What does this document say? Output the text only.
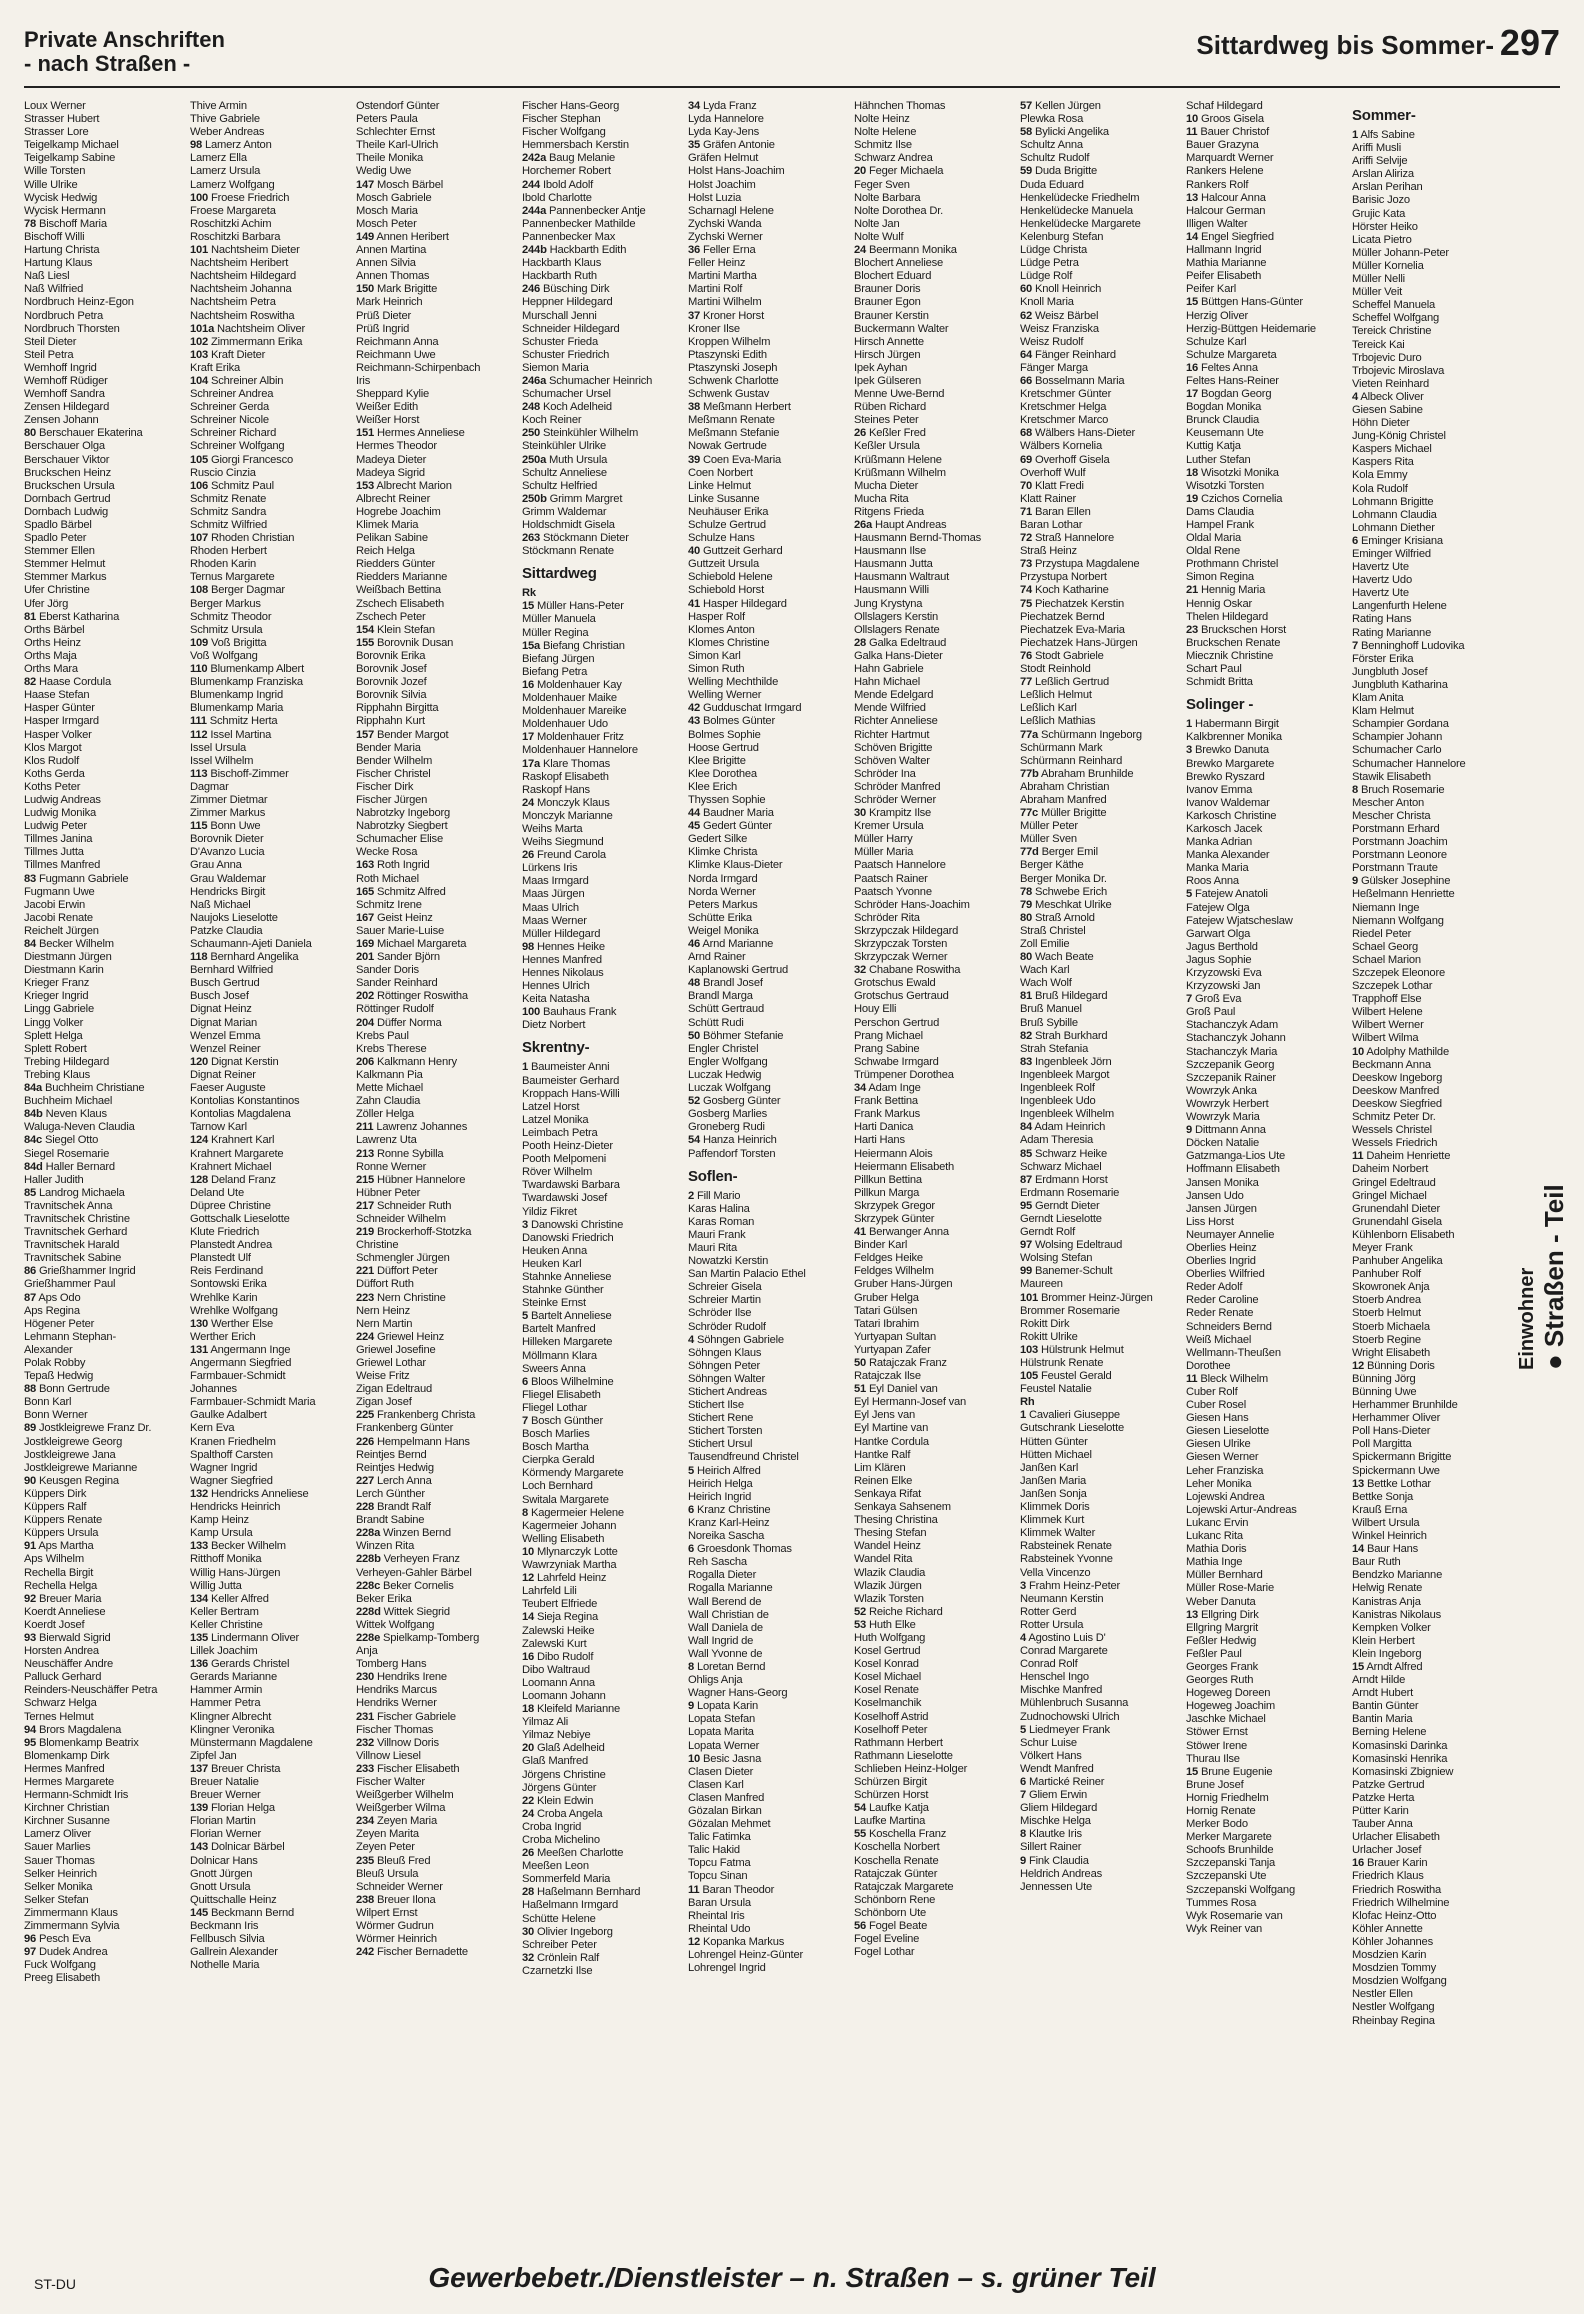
Private Anschriften
- nach Straßen -
Sittardweg bis Sommer- 297
Loux Werner
Strasser Hubert
Strasser Lore
Teigelkamp Michael
Teigelkamp Sabine
Wille Torsten
Wille Ulrike
Wycisk Hedwig
Wycisk Hermann
78 Bischoff Maria
Bischoff Willi
Hartung Christa
Hartung Klaus
Naß Liesl
Naß Wilfried
Nordbruch Heinz-Egon
Nordbruch Petra
Nordbruch Thorsten
Steil Dieter
Steil Petra
Wemhoff Ingrid
Wemhoff Rüdiger
Wemhoff Sandra
Zensen Hildegard
Zensen Johann
80 Berschauer Ekaterina
Berschauer Olga
Berschauer Viktor
Bruckschen Heinz
Bruckschen Ursula
Dornbach Gertrud
Dornbach Ludwig
Spadlo Bärbel
Spadlo Peter
Stemmer Ellen
Stemmer Helmut
Stemmer Markus
Ufer Christine
Ufer Jörg
81 Eberst Katharina
Orths Bärbel
Orths Heinz
Orths Maja
Orths Mara
82 Haase Cordula
Haase Stefan
Hasper Günter
Hasper Irmgard
Hasper Volker
Klos Margot
Klos Rudolf
Koths Gerda
Koths Peter
Ludwig Andreas
Ludwig Monika
Ludwig Peter
Tillmes Janina
Tillmes Jutta
Tillmes Manfred
83 Fugmann Gabriele
Fugmann Uwe
Jacobi Erwin
Jacobi Renate
Reichelt Jürgen
84 Becker Wilhelm
Diestmann Jürgen
Diestmann Karin
Krieger Franz
Krieger Ingrid
Lingg Gabriele
Lingg Volker
Splett Helga
Splett Robert
Trebing Hildegard
Trebing Klaus
84a Buchheim Christiane
Buchheim Michael
84b Neven Klaus
Waluga-Neven Claudia
84c Siegel Otto
Siegel Rosemarie
84d Haller Bernard
Haller Judith
85 Landrog Michaela
Travnitschek Anna
Travnitschek Christine
Travnitschek Gerhard
Travnitschek Harald
Travnitschek Sabine
86 Grießhammer Ingrid
Grießhammer Paul
87 Aps Odo
Aps Regina
Högener Peter
Lehmann Stephan-
Alexander
Polak Robby
Tepaß Hedwig
88 Bonn Gertrude
Bonn Karl
Bonn Werner
89 Jostkleigrewe Franz Dr.
Jostkleigrewe Georg
Jostkleigrewe Jana
Jostkleigrewe Marianne
90 Keusgen Regina
Küppers Dirk
Küppers Ralf
Küppers Renate
Küppers Ursula
91 Aps Martha
Aps Wilhelm
Rechella Birgit
Rechella Helga
92 Breuer Maria
Koerdt Anneliese
Koerdt Josef
93 Bierwald Sigrid
Horsten Andrea
Neuschäffer Andre
Palluck Gerhard
Reinders-Neuschäffer Petra
Schwarz Helga
Ternes Helmut
94 Brors Magdalena
95 Blomenkamp Beatrix
Blomenkamp Dirk
Hermes Manfred
Hermes Margarete
Hermann-Schmidt Iris
Kirchner Christian
Kirchner Susanne
Lamerz Oliver
Sauer Marlies
Sauer Thomas
Selker Heinrich
Selker Monika
Selker Stefan
Zimmermann Klaus
Zimmermann Sylvia
96 Pesch Eva
97 Dudek Andrea
Fuck Wolfgang
Preeg Elisabeth
Thive Armin
Thive Gabriele
Weber Andreas
98 Lamerz Anton
Lamerz Ella
Lamerz Ursula
Lamerz Wolfgang
100 Froese Friedrich
Froese Margareta
Roschitzki Achim
Roschitzki Barbara
101 Nachtsheim Dieter
Nachtsheim Heribert
Nachtsheim Hildegard
Nachtsheim Johanna
Nachtsheim Petra
Nachtsheim Roswitha
101a Nachtsheim Oliver
102 Zimmermann Erika
103 Kraft Dieter
Kraft Erika
104 Schreiner Albin
Schreiner Andrea
Schreiner Gerda
Schreiner Nicole
Schreiner Richard
Schreiner Wolfgang
105 Giorgi Francesco
Ruscio Cinzia
106 Schmitz Paul
Schmitz Renate
Schmitz Sandra
Schmitz Wilfried
107 Rhoden Christian
Rhoden Herbert
Rhoden Karin
Ternus Margarete
108 Berger Dagmar
Berger Markus
Schmitz Theodor
Schmitz Ursula
109 Voß Brigitta
Voß Wolfgang
110 Blumenkamp Albert
Blumenkamp Franziska
Blumenkamp Ingrid
Blumenkamp Maria
111 Schmitz Herta
112 Issel Martina
Issel Ursula
Issel Wilhelm
113 Bischoff-Zimmer
Dagmar
Zimmer Dietmar
Zimmer Markus
115 Bonn Uwe
Borovnik Dieter
D'Avanzo Lucia
Grau Anna
Grau Waldemar
Hendricks Birgit
Naß Michael
Naujoks Lieselotte
Patzke Claudia
Schaumann-Ajeti Daniela
118 Bernhard Angelika
Bernhard Wilfried
Busch Gertrud
Busch Josef
Dignat Heinz
Dignat Marian
Wenzel Emma
Wenzel Reiner
120 Dignat Kerstin
Dignat Reiner
Faeser Auguste
Kontolias Konstantinos
Kontolias Magdalena
Tarnow Karl
124 Krahnert Karl
Krahnert Margarete
Krahnert Michael
128 Deland Franz
Deland Ute
Düpree Christine
Gottschalk Lieselotte
Klute Friedrich
Planstedt Andrea
Planstedt Ulf
Reis Ferdinand
Sontowski Erika
Wrehlke Karin
Wrehlke Wolfgang
130 Werther Else
Werther Erich
131 Angermann Inge
Angermann Siegfried
Farmbauer-Schmidt
Johannes
Farmbauer-Schmidt Maria
Gaulke Adalbert
Kern Eva
Kranen Friedhelm
Spalthoff Carsten
Wagner Ingrid
Wagner Siegfried
132 Hendricks Anneliese
Hendricks Heinrich
Kamp Heinz
Kamp Ursula
133 Becker Wilhelm
Ritthoff Monika
Willig Hans-Jürgen
Willig Jutta
134 Keller Alfred
Keller Bertram
Keller Christine
135 Lindermann Oliver
Lillek Joachim
136 Gerards Christel
Gerards Marianne
Hammer Armin
Hammer Petra
Klingner Albrecht
Klingner Veronika
Münstermann Magdalene
Zipfel Jan
137 Breuer Christa
Breuer Natalie
Breuer Werner
139 Florian Helga
Florian Martin
Florian Werner
143 Dolnicar Bärbel
Dolnicar Hans
Gnott Jürgen
Gnott Ursula
Quittschalle Heinz
145 Beckmann Bernd
Beckmann Iris
Fellbusch Silvia
Gallrein Alexander
Nothelle Maria
Ostendorf Günter
Peters Paula
Schlechter Ernst
Theile Karl-Ulrich
Theile Monika
Wedig Uwe
147 Mosch Bärbel
Mosch Gabriele
Mosch Maria
Mosch Peter
149 Annen Heribert
Annen Martina
Annen Silvia
Annen Thomas
150 Mark Brigitte
Mark Heinrich
Prüß Dieter
Prüß Ingrid
Reichmann Anna
Reichmann Uwe
Reichmann-Schirpenbach
Iris
Sheppard Kylie
Weißer Edith
Weißer Horst
151 Hermes Anneliese
Hermes Theodor
Madeya Dieter
Madeya Sigrid
153 Albrecht Marion
Albrecht Reiner
Hogrebe Joachim
Klimek Maria
Pelikan Sabine
Reich Helga
Riedders Günter
Riedders Marianne
Weißbach Bettina
Zschech Elisabeth
Zschech Peter
154 Klein Stefan
155 Borovnik Dusan
Borovnik Erika
Borovnik Josef
Borovnik Jozef
Borovnik Silvia
Ripphahn Birgitta
Ripphahn Kurt
157 Bender Margot
Bender Maria
Bender Wilhelm
Fischer Christel
Fischer Dirk
Fischer Jürgen
Nabrotzky Ingeborg
Nabrotzky Siegbert
Schumacher Elise
Wecke Rosa
163 Roth Ingrid
Roth Michael
165 Schmitz Alfred
Schmitz Irene
167 Geist Heinz
Sauer Marie-Luise
169 Michael Margareta
201 Sander Björn
Sander Doris
Sander Reinhard
202 Röttinger Roswitha
Röttinger Rudolf
204 Düffer Norma
Krebs Paul
Krebs Therese
206 Kalkmann Henry
Kalkmann Pia
Mette Michael
Zahn Claudia
Zöller Helga
211 Lawrenz Johannes
Lawrenz Uta
213 Ronne Sybilla
Ronne Werner
215 Hübner Hannelore
Hübner Peter
217 Schneider Ruth
Schneider Wilhelm
219 Brockerhoff-Stotzka
Christine
Schmengler Jürgen
221 Düffort Peter
Düffort Ruth
223 Nern Christine
Nern Heinz
Nern Martin
224 Griewel Heinz
Griewel Josefine
Griewel Lothar
Weise Fritz
Zigan Edeltraud
Zigan Josef
225 Frankenberg Christa
Frankenberg Günter
226 Hempelmann Hans
Reintjes Bernd
Reintjes Hedwig
227 Lerch Anna
Lerch Günther
228 Brandt Ralf
Brandt Sabine
228a Winzen Bernd
Winzen Rita
228b Verheyen Franz
Verheyen-Gahler Bärbel
228c Beker Cornelis
Beker Erika
228d Wittek Siegrid
Wittek Wolfgang
228e Spielkamp-Tomberg
Anja
Tomberg Hans
230 Hendriks Irene
Hendriks Marcus
Hendriks Werner
231 Fischer Gabriele
Fischer Thomas
232 Villnow Doris
Villnow Liesel
233 Fischer Elisabeth
Fischer Walter
Weißgerber Wilhelm
Weißgerber Wilma
234 Zeyen Maria
Zeyen Marita
Zeyen Peter
235 Bleuß Fred
Bleuß Ursula
Schneider Werner
238 Breuer Ilona
Wilpert Ernst
Wörmer Gudrun
Wörmer Heinrich
242 Fischer Bernadette
Fischer Hans-Georg
Fischer Stephan
Fischer Wolfgang
Hemmersbach Kerstin
242a Baug Melanie
Horchemer Robert
244 Ibold Adolf
Ibold Charlotte
244a Pannenbecker Antje
Pannenbecker Mathilde
Pannenbecker Max
244b Hackbarth Edith
Hackbarth Klaus
Hackbarth Ruth
246 Büsching Dirk
Heppner Hildegard
Murschall Jenni
Schneider Hildegard
Schuster Frieda
Schuster Friedrich
Siemon Maria
246a Schumacher Heinrich
Schumacher Ursel
248 Koch Adelheid
Koch Reiner
250 Steinkühler Wilhelm
Steinkühler Ulrike
250a Muth Ursula
Schultz Anneliese
Schultz Helfried
250b Grimm Margret
Grimm Waldemar
Holdschmidt Gisela
263 Stöckmann Dieter
Stöckmann Renate
Sittardweg
Rk
15 Müller Hans-Peter
Müller Manuela
Müller Regina
15a Biefang Christian
Biefang Jürgen
Biefang Petra
16 Moldenhauer Kay
Moldenhauer Maike
Moldenhauer Mareike
Moldenhauer Udo
17 Moldenhauer Fritz
Moldenhauer Hannelore
17a Klare Thomas
Raskopf Elisabeth
Raskopf Hans
24 Monczyk Klaus
Monczyk Marianne
Weihs Marta
Weihs Siegmund
26 Freund Carola
Lürkens Iris
Maas Irmgard
Maas Jürgen
Maas Ulrich
Maas Werner
Müller Hildegard
98 Hennes Heike
Hennes Manfred
Hennes Nikolaus
Hennes Ulrich
Keita Natasha
100 Bauhaus Frank
Dietz Norbert
Skrentny-
1 Baumeister Anni
Baumeister Gerhard
Kroppach Hans-Willi
Latzel Horst
Latzel Monika
Leimbach Petra
Pooth Heinz-Dieter
Pooth Melpomeni
Röver Wilhelm
Twardawski Barbara
Twardawski Josef
Yildiz Fikret
3 Danowski Christine
Danowski Friedrich
Heuken Anna
Heuken Karl
Stahnke Anneliese
Stahnke Günther
Steinke Ernst
5 Bartelt Anneliese
Bartelt Manfred
Hilleken Margarete
Möllmann Klara
Sweers Anna
6 Bloos Wilhelmine
Fliegel Elisabeth
Fliegel Lothar
7 Bosch Günther
Bosch Marlies
Bosch Martha
Cierpka Gerald
Körmendy Margarete
Loch Bernhard
Switala Margarete
8 Kagermeier Helene
Kagermeier Johann
Welling Elisabeth
10 Mlynarczyk Lotte
Wawrzyniak Martha
12 Lahrfeld Heinz
Lahrfeld Lili
Teubert Elfriede
14 Sieja Regina
Zalewski Heike
Zalewski Kurt
16 Dibo Rudolf
Dibo Waltraud
Loomann Anna
Loomann Johann
18 Kleifeld Marianne
Yilmaz Ali
Yilmaz Nebiye
20 Glaß Adelheid
Glaß Manfred
Jörgens Christine
Jörgens Günter
22 Klein Edwin
24 Croba Angela
Croba Ingrid
Croba Michelino
26 Meeßen Charlotte
Meeßen Leon
Sommerfeld Maria
28 Haßelmann Bernhard
Haßelmann Irmgard
Schütte Helene
30 Olivier Ingeborg
Schreiber Peter
32 Crönlein Ralf
Czarnetzki Ilse
34 Lyda Franz
Lyda Hannelore
Lyda Kay-Jens
35 Gräfen Antonie
Gräfen Helmut
Holst Hans-Joachim
Holst Joachim
Holst Luzia
Scharnagl Helene
Zychski Wanda
Zychski Werner
36 Feller Erna
Feller Heinz
Martini Martha
Martini Rolf
Martini Wilhelm
37 Kroner Horst
Kroner Ilse
Kroppen Wilhelm
Ptaszynski Edith
Ptaszynski Joseph
Schwenk Charlotte
Schwenk Gustav
38 Meßmann Herbert
Meßmann Renate
Meßmann Stefanie
Nowak Gertrude
39 Coen Eva-Maria
Coen Norbert
Linke Helmut
Linke Susanne
Neuhäuser Erika
Schulze Gertrud
Schulze Hans
40 Guttzeit Gerhard
Guttzeit Ursula
Schiebold Helene
Schiebold Horst
41 Hasper Hildegard
Hasper Rolf
Klomes Anton
Klomes Christine
Simon Karl
Simon Ruth
Welling Mechthilde
Welling Werner
42 Gudduschat Irmgard
43 Bolmes Günter
Bolmes Sophie
Hoose Gertrud
Klee Brigitte
Klee Dorothea
Klee Erich
Thyssen Sophie
44 Baudner Maria
45 Gedert Günter
Gedert Silke
Klimke Christa
Klimke Klaus-Dieter
Norda Irmgard
Norda Werner
Peters Markus
Schütte Erika
Weigel Monika
46 Arnd Marianne
Arnd Rainer
Kaplanowski Gertrud
48 Brandl Josef
Brandl Marga
Schütt Gertraud
Schütt Rudi
50 Böhmer Stefanie
Engler Christel
Engler Wolfgang
Luczak Hedwig
Luczak Wolfgang
52 Gosberg Günter
Gosberg Marlies
Groneberg Rudi
54 Hanza Heinrich
Paffendorf Torsten
Soflen-
2 Fill Mario
Karas Halina
Karas Roman
Mauri Frank
Mauri Rita
Nowatzki Kerstin
San Martin Palacio Ethel
Schreier Gisela
Schreier Martin
Schröder Ilse
Schröder Rudolf
4 Söhngen Gabriele
Söhngen Klaus
Söhngen Peter
Söhngen Walter
Stichert Andreas
Stichert Ilse
Stichert Rene
Stichert Torsten
Stichert Ursul
Tausendfreund Christel
5 Heirich Alfred
Heirich Helga
Heirich Ingrid
6 Kranz Christine
Kranz Karl-Heinz
Noreika Sascha
6 Groesdonk Thomas
Reh Sascha
Rogalla Dieter
Rogalla Marianne
Wall Berend de
Wall Christian de
Wall Daniela de
Wall Ingrid de
Wall Yvonne de
8 Loretan Bernd
Ohligs Anja
Wagner Hans-Georg
9 Lopata Karin
Lopata Stefan
Lopata Marita
Lopata Werner
10 Besic Jasna
Clasen Dieter
Clasen Karl
Clasen Manfred
Gözalan Birkan
Gözalan Mehmet
Talic Fatimka
Talic Hakid
Topcu Fatma
Topcu Sinan
11 Baran Theodor
Baran Ursula
Rheintal Iris
Rheintal Udo
12 Kopanka Markus
Lohrengel Heinz-Günter
Lohrengel Ingrid
Hähnchen Thomas
Nolte Heinz
Nolte Helene
Schmitz Ilse
Schwarz Andrea
20 Feger Michaela
Feger Sven
Nolte Barbara
Nolte Dorothea Dr.
Nolte Jan
Nolte Wulf
24 Beermann Monika
Blochert Anneliese
Blochert Eduard
Brauner Doris
Brauner Egon
Brauner Kerstin
Buckermann Walter
Hirsch Annette
Hirsch Jürgen
Ipek Ayhan
Ipek Gülseren
Menne Uwe-Bernd
Rüben Richard
Steines Peter
26 Keßler Fred
Keßler Ursula
Krüßmann Helene
Krüßmann Wilhelm
Mucha Dieter
Mucha Rita
Ritgens Frieda
26a Haupt Andreas
Hausmann Bernd-Thomas
Hausmann Ilse
Hausmann Jutta
Hausmann Waltraut
Hausmann Willi
Jung Krystyna
Ollslagers Kerstin
Ollslagers Renate
28 Galka Edeltraud
Galka Hans-Dieter
Hahn Gabriele
Hahn Michael
Mende Edelgard
Mende Wilfried
Richter Anneliese
Richter Hartmut
Schöven Brigitte
Schöven Walter
Schröder Ina
Schröder Manfred
Schröder Werner
30 Krampitz Ilse
Kremer Ursula
Müller Harry
Müller Maria
Paatsch Hannelore
Paatsch Rainer
Paatsch Yvonne
Schröder Hans-Joachim
Schröder Rita
Skrzypczak Hildegard
Skrzypczak Torsten
Skrzypczak Werner
32 Chabane Roswitha
Grotschus Ewald
Grotschus Gertraud
Houy Elli
Perschon Gertrud
Prang Michael
Prang Sabine
Schwabe Irmgard
Trümpener Dorothea
34 Adam Inge
Frank Bettina
Frank Markus
Harti Danica
Harti Hans
Heiermann Alois
Heiermann Elisabeth
Pillkun Bettina
Pillkun Marga
Skrzypek Gregor
Skrzypek Günter
41 Berwanger Anna
Binder Karl
Feldges Heike
Feldges Wilhelm
Gruber Hans-Jürgen
Gruber Helga
Tatari Gülsen
Tatari Ibrahim
Yurtyapan Sultan
Yurtyapan Zafer
50 Ratajczak Franz
Ratajczak Ilse
51 Eyl Daniel van
Eyl Hermann-Josef van
Eyl Jens van
Eyl Martine van
Hantke Cordula
Hantke Ralf
Lim Klären
Reinen Elke
Senkaya Rifat
Senkaya Sahsenem
Thesing Christina
Thesing Stefan
Wandel Heinz
Wandel Rita
Wlazik Claudia
Wlazik Jürgen
Wlazik Torsten
52 Reiche Richard
53 Huth Elke
Huth Wolfgang
Kosel Gertrud
Kosel Konrad
Kosel Michael
Kosel Renate
Koselmanchik
Koselhoff Astrid
Koselhoff Peter
Rathmann Herbert
Rathmann Lieselotte
Schlieben Heinz-Holger
Schürzen Birgit
Schürzen Horst
54 Laufke Katja
Laufke Martina
55 Koschella Franz
Koschella Norbert
Koschella Renate
Ratajczak Günter
Ratajczak Margarete
Schönborn Rene
Schönborn Ute
56 Fogel Beate
Fogel Eveline
Fogel Lothar
57 Kellen Jürgen
Plewka Rosa
58 Bylicki Angelika
Schultz Anna
Schultz Rudolf
59 Duda Brigitte
Duda Eduard
Henkelüdecke Friedhelm
Henkelüdecke Manuela
Henkelüdecke Margarete
Kelenburg Stefan
Lüdge Christa
Lüdge Petra
Lüdge Rolf
60 Knoll Heinrich
Knoll Maria
62 Weisz Bärbel
Weisz Franziska
Weisz Rudolf
64 Fänger Reinhard
Fänger Marga
66 Bosselmann Maria
Kretschmer Günter
Kretschmer Helga
Kretschmer Marco
68 Wälbers Hans-Dieter
Wälbers Kornelia
69 Overhoff Gisela
Overhoff Wulf
70 Klatt Fredi
Klatt Rainer
71 Baran Ellen
Baran Lothar
72 Straß Hannelore
Straß Heinz
73 Przystupa Magdalene
Przystupa Norbert
74 Koch Katharine
75 Piechatzek Kerstin
Piechatzek Bernd
Piechatzek Eva-Maria
Piechatzek Hans-Jürgen
76 Stodt Gabriele
Stodt Reinhold
77 Leßlich Gertrud
Leßlich Helmut
Leßlich Karl
Leßlich Mathias
77a Schürmann Ingeborg
Schürmann Mark
Schürmann Reinhard
77b Abraham Brunhilde
Abraham Christian
Abraham Manfred
77c Müller Brigitte
Müller Peter
Müller Sven
77d Berger Emil
Berger Käthe
Berger Monika Dr.
78 Schwebe Erich
79 Meschkat Ulrike
80 Straß Arnold
Straß Christel
Zoll Emilie
80 Wach Beate
Wach Karl
Wach Wolf
81 Bruß Hildegard
Bruß Manuel
Bruß Sybille
82 Strah Burkhard
Strah Stefania
83 Ingenbleek Jörn
Ingenbleek Margot
Ingenbleek Rolf
Ingenbleek Udo
Ingenbleek Wilhelm
84 Adam Heinrich
Adam Theresia
85 Schwarz Heike
Schwarz Michael
87 Erdmann Horst
Erdmann Rosemarie
95 Gerndt Dieter
Gerndt Lieselotte
Gerndt Rolf
97 Wolsing Edeltraud
Wolsing Stefan
99 Banemer-Schult
Maureen
101 Brommer Heinz-Jürgen
Brommer Rosemarie
Rokitt Dirk
Rokitt Ulrike
103 Hülstrunk Helmut
Hülstrunk Renate
105 Feustel Gerald
Feustel Natalie
Rh
1 Cavalieri Giuseppe
Gutschrank Lieselotte
Hütten Günter
Hütten Michael
Janßen Karl
Janßen Maria
Janßen Sonja
Klimmek Doris
Klimmek Kurt
Klimmek Walter
Rabsteinek Renate
Rabsteinek Yvonne
Vella Vincenzo
3 Frahm Heinz-Peter
Neumann Kerstin
Rotter Gerd
Rotter Ursula
4 Agostino Luis D'
Conrad Margarete
Conrad Rolf
Henschel Ingo
Mischke Manfred
Mühlenbruch Susanna
Zudnochowski Ulrich
5 Liedmeyer Frank
Schur Luise
Völkert Hans
Wendt Manfred
6 Martické Reiner
7 Gliem Erwin
Gliem Hildegard
Mischke Helga
8 Klautke Iris
Sillert Rainer
9 Fink Claudia
Heldrich Andreas
Jennessen Ute
Schaf Hildegard
10 Groos Gisela
11 Bauer Christof
Bauer Grazyna
Marquardt Werner
Rankers Helene
Rankers Rolf
13 Halcour Anna
Halcour German
Illigen Walter
14 Engel Siegfried
Hallmann Ingrid
Mathia Marianne
Peifer Elisabeth
Peifer Karl
15 Büttgen Hans-Günter
Herzig Oliver
Herzig-Büttgen Heidemarie
Schulze Karl
Schulze Margareta
16 Feltes Anna
Feltes Hans-Reiner
17 Bogdan Georg
Bogdan Monika
Brunck Claudia
Keusemann Ute
Kuttig Katja
Luther Stefan
18 Wisotzki Monika
Wisotzki Torsten
19 Czichos Cornelia
Dams Claudia
Hampel Frank
Oldal Maria
Oldal Rene
Prothmann Christel
Simon Regina
21 Hennig Maria
Hennig Oskar
Thelen Hildegard
23 Bruckschen Horst
Bruckschen Renate
Miecznik Christine
Schart Paul
Schmidt Britta
Solinger -
1 Habermann Birgit
Kalkbrenner Monika
3 Brewko Danuta
Brewko Margarete
Brewko Ryszard
Ivanov Emma
Ivanov Waldemar
Karkosch Christine
Karkosch Jacek
Manka Adrian
Manka Alexander
Manka Maria
Roos Anna
5 Fatejew Anatoli
Fatejew Olga
Fatejew Wjatscheslaw
Garwart Olga
Jagus Berthold
Jagus Sophie
Krzyzowski Eva
Krzyzowski Jan
7 Groß Eva
Groß Paul
Stachanczyk Adam
Stachanczyk Johann
Stachanczyk Maria
Szczepanik Georg
Szczepanik Rainer
Wowrzyk Anka
Wowrzyk Herbert
Wowrzyk Maria
9 Dittmann Anna
Döcken Natalie
Gatzmanga-Lios Ute
Hoffmann Elisabeth
Jansen Monika
Jansen Udo
Jansen Jürgen
Liss Horst
Neumayer Annelie
Oberlies Heinz
Oberlies Ingrid
Oberlies Wilfried
Reder Adolf
Reder Caroline
Reder Renate
Schneiders Bernd
Weiß Michael
Wellmann-Theußen
Dorothee
11 Bleck Wilhelm
Cuber Rolf
Cuber Rosel
Giesen Hans
Giesen Lieselotte
Giesen Ulrike
Giesen Werner
Leher Franziska
Leher Monika
Lojewski Andrea
Lojewski Artur-Andreas
Lukanc Ervin
Lukanc Rita
Mathia Doris
Mathia Inge
Müller Bernhard
Müller Rose-Marie
Weber Danuta
13 Ellgring Dirk
Ellgring Margrit
Feßler Hedwig
Feßler Paul
Georges Frank
Georges Ruth
Hogeweg Doreen
Hogeweg Joachim
Jaschke Michael
Stöwer Ernst
Stöwer Irene
Thurau Ilse
15 Brune Eugenie
Brune Josef
Hornig Friedhelm
Hornig Renate
Merker Bodo
Merker Margarete
Schoofs Brunhilde
Szczepanski Tanja
Szczepanski Ute
Szczepanski Wolfgang
Tummes Rosa
Wyk Rosemarie van
Wyk Reiner van
Sommer-
1 Alfs Sabine
Ariffi Musli
Ariffi Selvije
Arslan Aliriza
Arslan Perihan
Barisic Jozo
Grujic Kata
Hörster Heiko
Licata Pietro
Müller Johann-Peter
Müller Kornelia
Müller Nelli
Müller Veit
Scheffel Manuela
Scheffel Wolfgang
Tereick Christine
Tereick Kai
Trbojevic Duro
Trbojevic Miroslava
Vieten Reinhard
4 Albeck Oliver
Giesen Sabine
Höhn Dieter
Jung-König Christel
Kaspers Michael
Kaspers Rita
Kola Emmy
Kola Rudolf
Lohmann Brigitte
Lohmann Claudia
Lohmann Diether
6 Eminger Krisiana
Eminger Wilfried
Havertz Ute
Havertz Udo
Havertz Ute
Langenfurth Helene
Rating Hans
Rating Marianne
7 Benninghoff Ludovika
Förster Erika
Jungbluth Josef
Jungbluth Katharina
Klam Anita
Klam Helmut
Schampier Gordana
Schampier Johann
Schumacher Carlo
Schumacher Hannelore
Stawik Elisabeth
8 Bruch Rosemarie
Mescher Anton
Mescher Christa
Porstmann Erhard
Porstmann Joachim
Porstmann Leonore
Porstmann Traute
9 Gülsker Josephine
Heßelmann Henriette
Niemann Inge
Niemann Wolfgang
Riedel Peter
Schael Georg
Schael Marion
Szczepek Eleonore
Szczepek Lothar
Trapphoff Else
Wilbert Helene
Wilbert Werner
Wilbert Wilma
10 Adolphy Mathilde
Beckmann Anna
Deeskow Ingeborg
Deeskow Manfred
Deeskow Siegfried
Schmitz Peter Dr.
Wessels Christel
Wessels Friedrich
11 Daheim Henriette
Daheim Norbert
Gringel Edeltraud
Gringel Michael
Grunendahl Dieter
Grunendahl Gisela
Kühlenborn Elisabeth
Meyer Frank
Panhuber Angelika
Panhuber Rolf
Skowronek Anja
Stoerb Andrea
Stoerb Helmut
Stoerb Michaela
Stoerb Regine
Wright Elisabeth
12 Bünning Doris
Bünning Jörg
Bünning Uwe
Herhammer Brunhilde
Herhammer Oliver
Poll Hans-Dieter
Poll Margitta
Spickermann Brigitte
Spickermann Uwe
13 Bettke Lothar
Bettke Sonja
Krauß Erna
Wilbert Ursula
Winkel Heinrich
14 Baur Hans
Baur Ruth
Bendzko Marianne
Helwig Renate
Kanistras Anja
Kanistras Nikolaus
Kempken Volker
Klein Herbert
Klein Ingeborg
15 Arndt Alfred
Arndt Hilde
Arndt Hubert
Bantin Günter
Bantin Maria
Berning Helene
Komasinski Darinka
Komasinski Henrika
Komasinski Zbigniew
Patzke Gertrud
Patzke Herta
Pütter Karin
Tauber Anna
Urlacher Elisabeth
Urlacher Josef
16 Brauer Karin
Friedrich Klaus
Friedrich Roswitha
Friedrich Wilhelmine
Klofac Heinz-Otto
Köhler Annette
Köhler Johannes
Mosdzien Karin
Mosdzien Tommy
Mosdzien Wolfgang
Nestler Ellen
Nestler Wolfgang
Rheinbay Regina
Einwohner ● Straßen - Teil
ST-DU	Gewerbebetr./Dienstleister – n. Straßen – s. grüner Teil
